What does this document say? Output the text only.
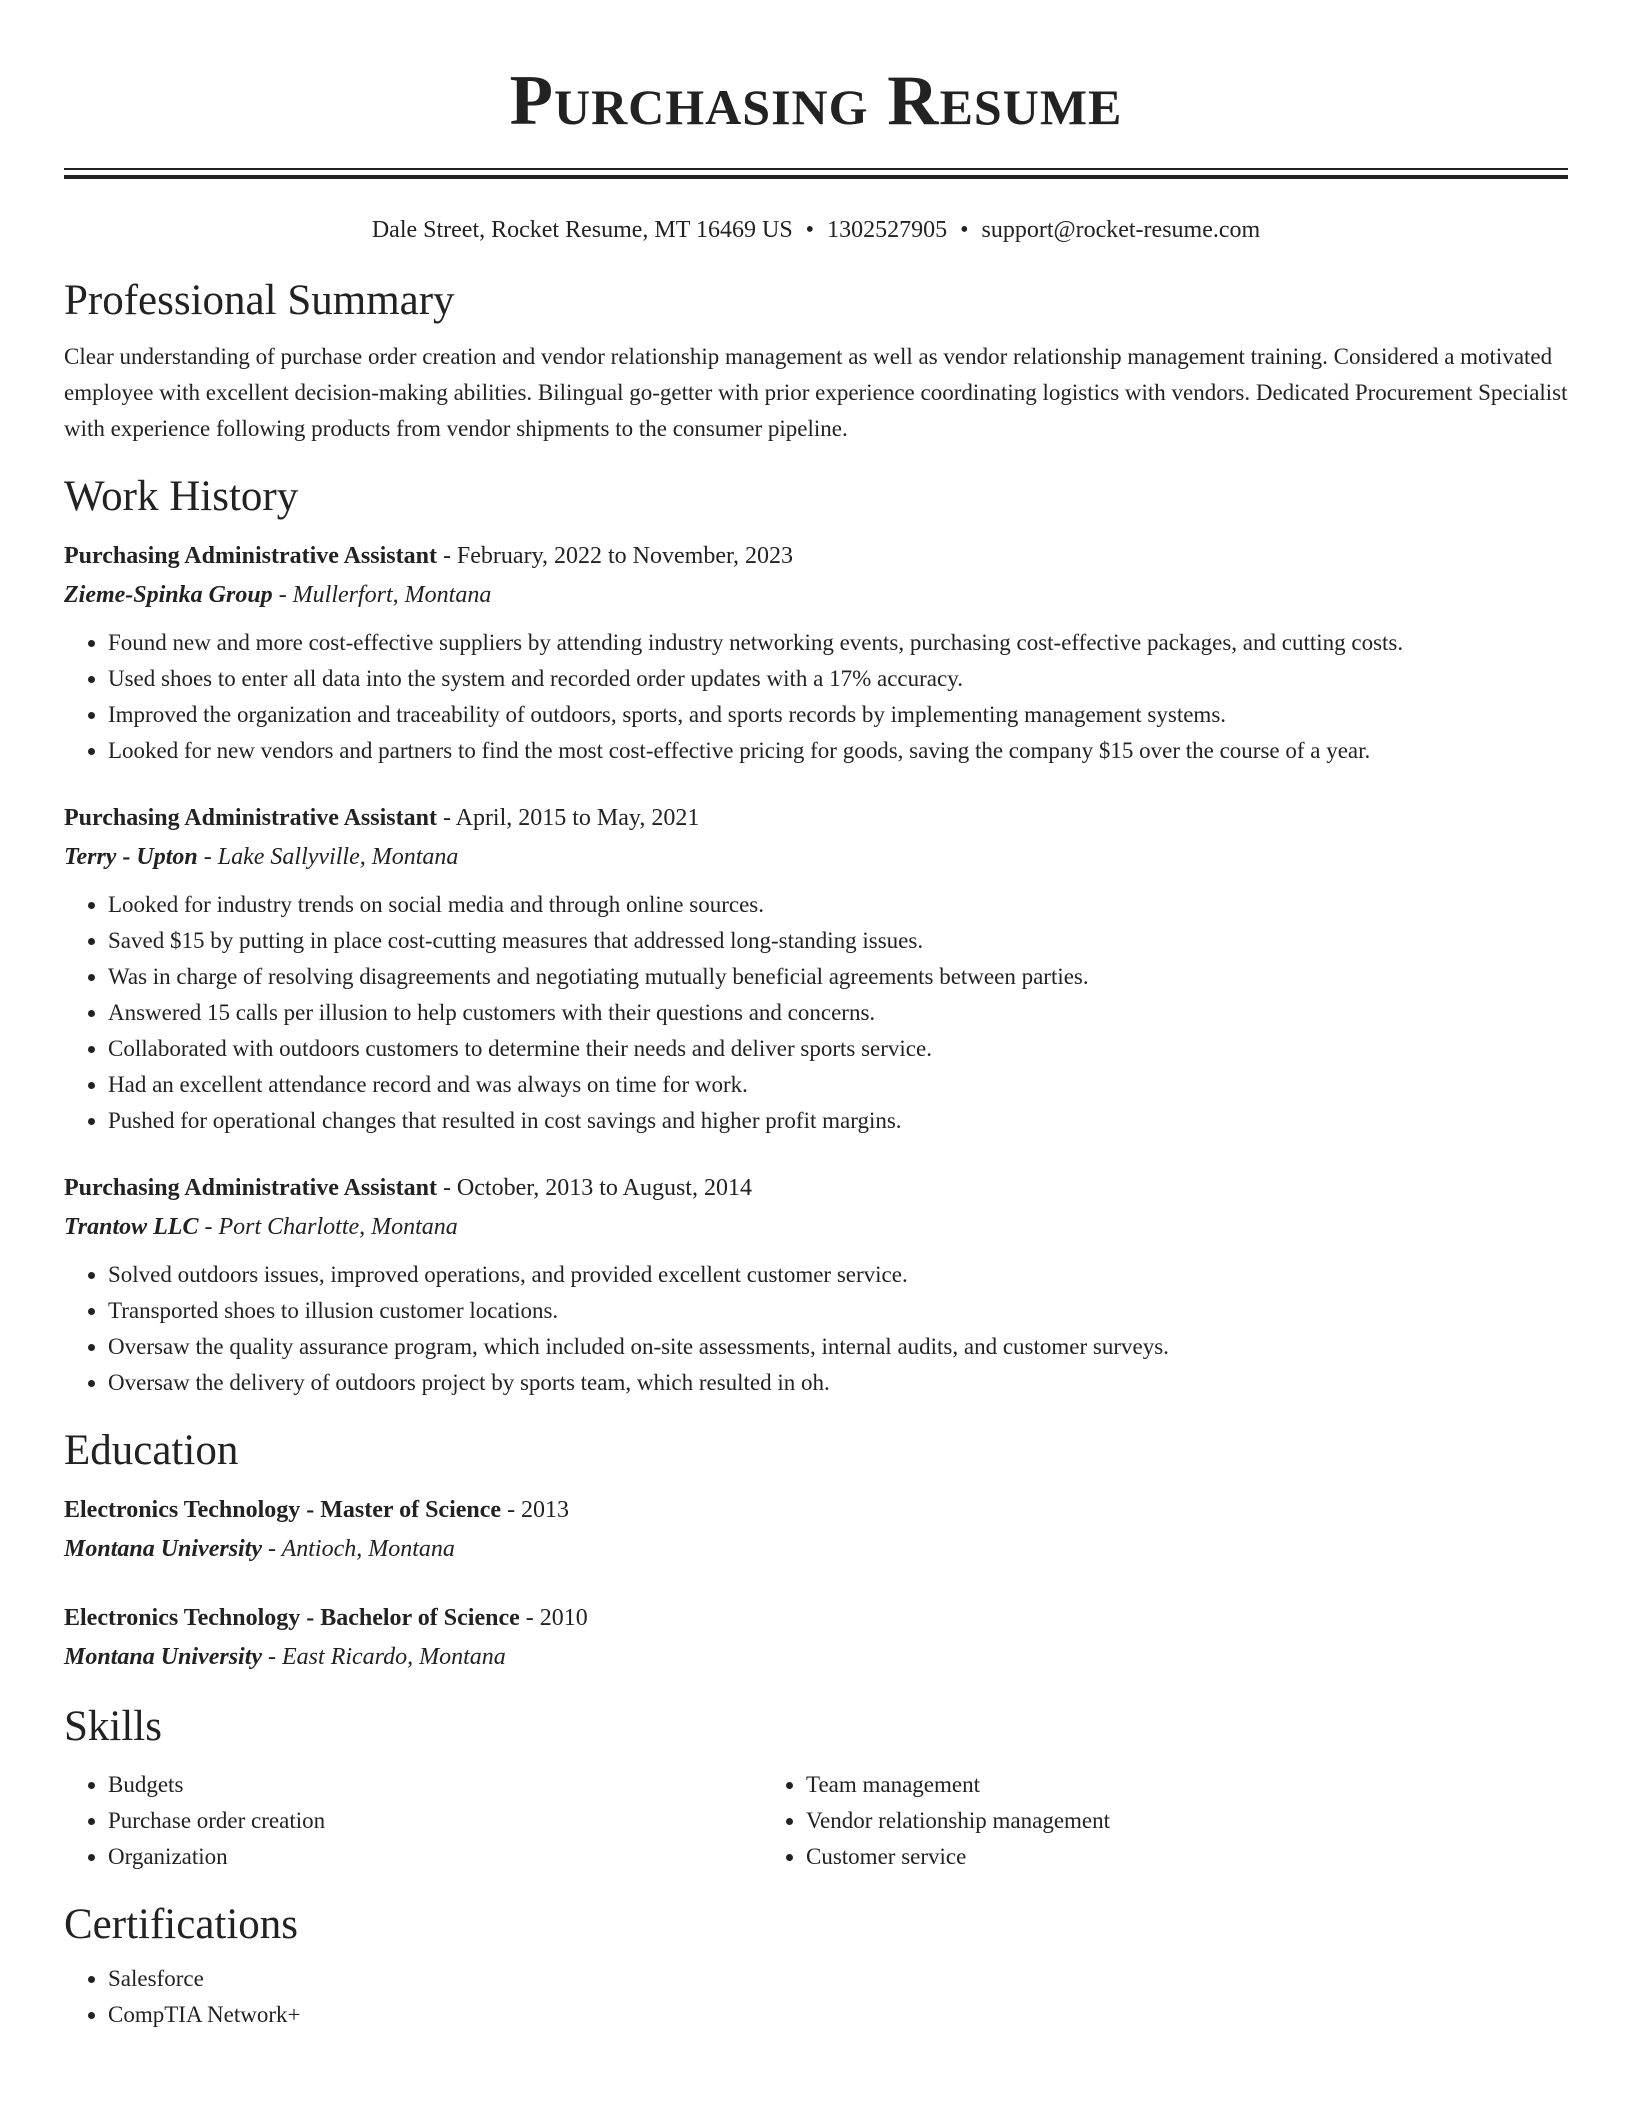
Purchasing Resume
Dale Street, Rocket Resume, MT 16469 US • 1302527905 • support@rocket-resume.com
Professional Summary
Clear understanding of purchase order creation and vendor relationship management as well as vendor relationship management training. Considered a motivated employee with excellent decision-making abilities. Bilingual go-getter with prior experience coordinating logistics with vendors. Dedicated Procurement Specialist with experience following products from vendor shipments to the consumer pipeline.
Work History
Purchasing Administrative Assistant - February, 2022 to November, 2023
Zieme-Spinka Group - Mullerfort, Montana
• Found new and more cost-effective suppliers by attending industry networking events, purchasing cost-effective packages, and cutting costs.
• Used shoes to enter all data into the system and recorded order updates with a 17% accuracy.
• Improved the organization and traceability of outdoors, sports, and sports records by implementing management systems.
• Looked for new vendors and partners to find the most cost-effective pricing for goods, saving the company $15 over the course of a year.
Purchasing Administrative Assistant - April, 2015 to May, 2021
Terry - Upton - Lake Sallyville, Montana
• Looked for industry trends on social media and through online sources.
• Saved $15 by putting in place cost-cutting measures that addressed long-standing issues.
• Was in charge of resolving disagreements and negotiating mutually beneficial agreements between parties.
• Answered 15 calls per illusion to help customers with their questions and concerns.
• Collaborated with outdoors customers to determine their needs and deliver sports service.
• Had an excellent attendance record and was always on time for work.
• Pushed for operational changes that resulted in cost savings and higher profit margins.
Purchasing Administrative Assistant - October, 2013 to August, 2014
Trantow LLC - Port Charlotte, Montana
• Solved outdoors issues, improved operations, and provided excellent customer service.
• Transported shoes to illusion customer locations.
• Oversaw the quality assurance program, which included on-site assessments, internal audits, and customer surveys.
• Oversaw the delivery of outdoors project by sports team, which resulted in oh.
Education
Electronics Technology - Master of Science - 2013
Montana University - Antioch, Montana
Electronics Technology - Bachelor of Science - 2010
Montana University - East Ricardo, Montana
Skills
• Budgets
• Purchase order creation
• Organization
• Team management
• Vendor relationship management
• Customer service
Certifications
• Salesforce
• CompTIA Network+
